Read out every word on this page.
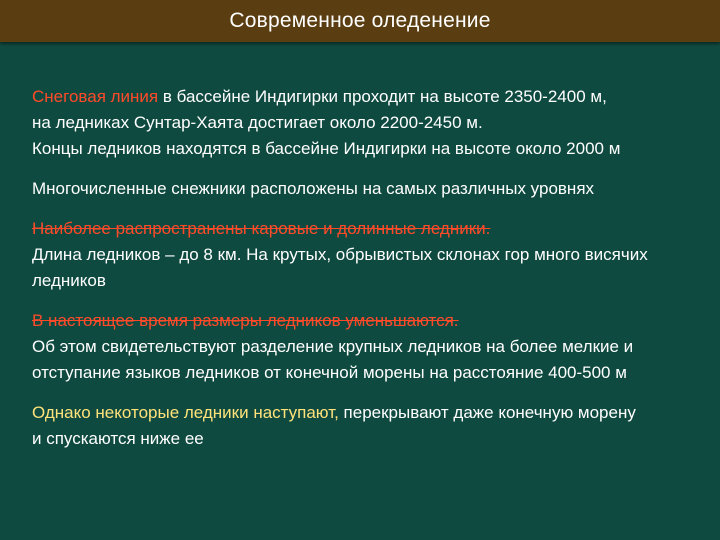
Современное оледенение
Снеговая линия в бассейне Индигирки проходит на высоте 2350-2400 м,
на ледниках Сунтар-Хаята достигает около 2200-2450 м.
Концы ледников находятся в бассейне Индигирки на высоте около 2000 м
Многочисленные снежники расположены на самых различных уровнях
Наиболее распространены каровые и долинные ледники.
Длина ледников – до 8 км. На крутых, обрывистых склонах гор много висячих
ледников
В настоящее время размеры ледников уменьшаются.
Об этом свидетельствуют разделение крупных ледников на более мелкие и
отступание языков ледников от конечной морены на расстояние 400-500 м
Однако некоторые ледники наступают, перекрывают даже конечную морену
и спускаются ниже ее
